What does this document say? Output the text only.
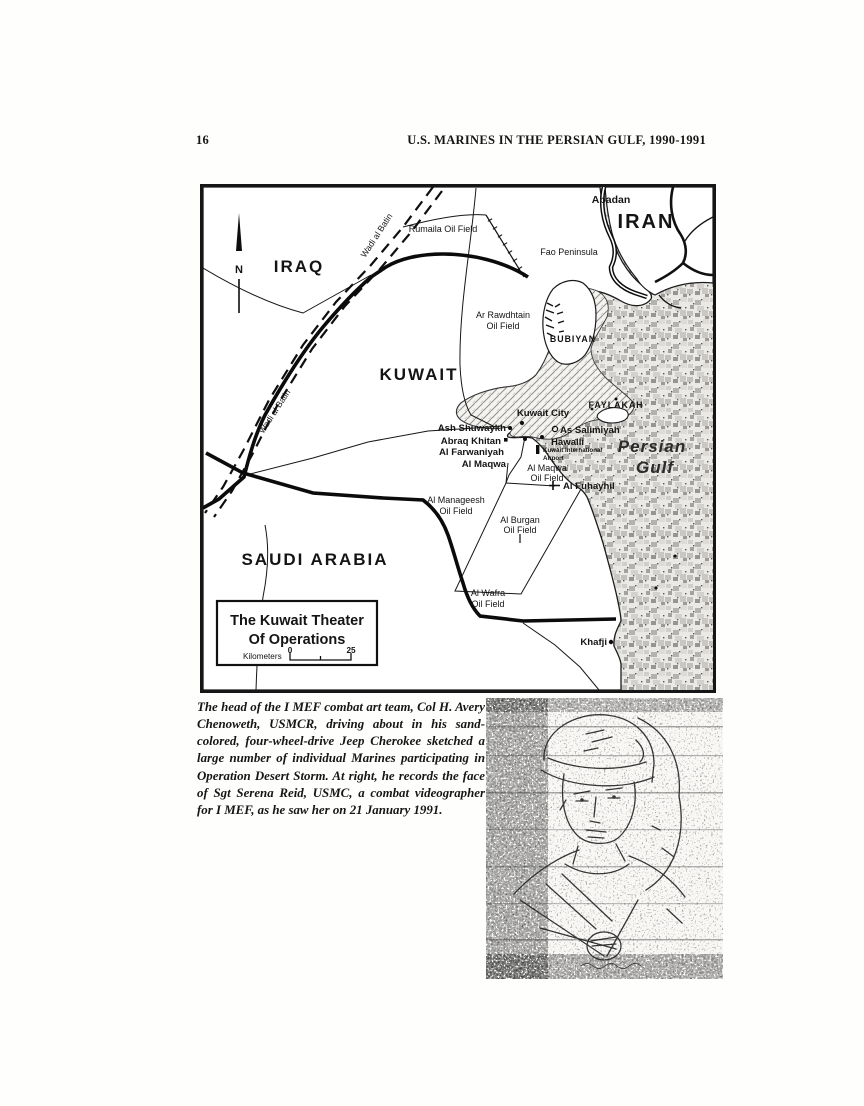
16	U.S. MARINES IN THE PERSIAN GULF, 1990-1991
N IRAQ
KUWAIT
SAUDI ARABIA
IRAN
Persian
Gulf
Abadan
Fao Peninsula
Rumaila Oil Field
Ar Rawdhtain
Oil Field
BUBIYAN
Wadi al Batin
Wadi al Batin	Kuwait City
FAYLAKAH
Ash Shuwaykh	As Salimiyah
Abraq Khitan	Hawalli
Al Farwaniyah	Kuwait International
Airport
Al Maqwa Al Maqwa
Oil Field
Al Fuhayhil
Al Manageesh
Oil Field
Al Burgan
Oil Field
Al Wafra
Oil Field
Khafji
The Kuwait Theater
Of Operations
Kilometers
0	25
The head of the I MEF combat art team, Col H. Avery Chenoweth, USMCR, driving about in his sand-colored, four-wheel-drive Jeep Cherokee sketched a large number of individual Marines participating in Operation Desert Storm. At right, he records the face of Sgt Serena Reid, USMC, a combat videographer for I MEF, as he saw her on 21 January 1991.
